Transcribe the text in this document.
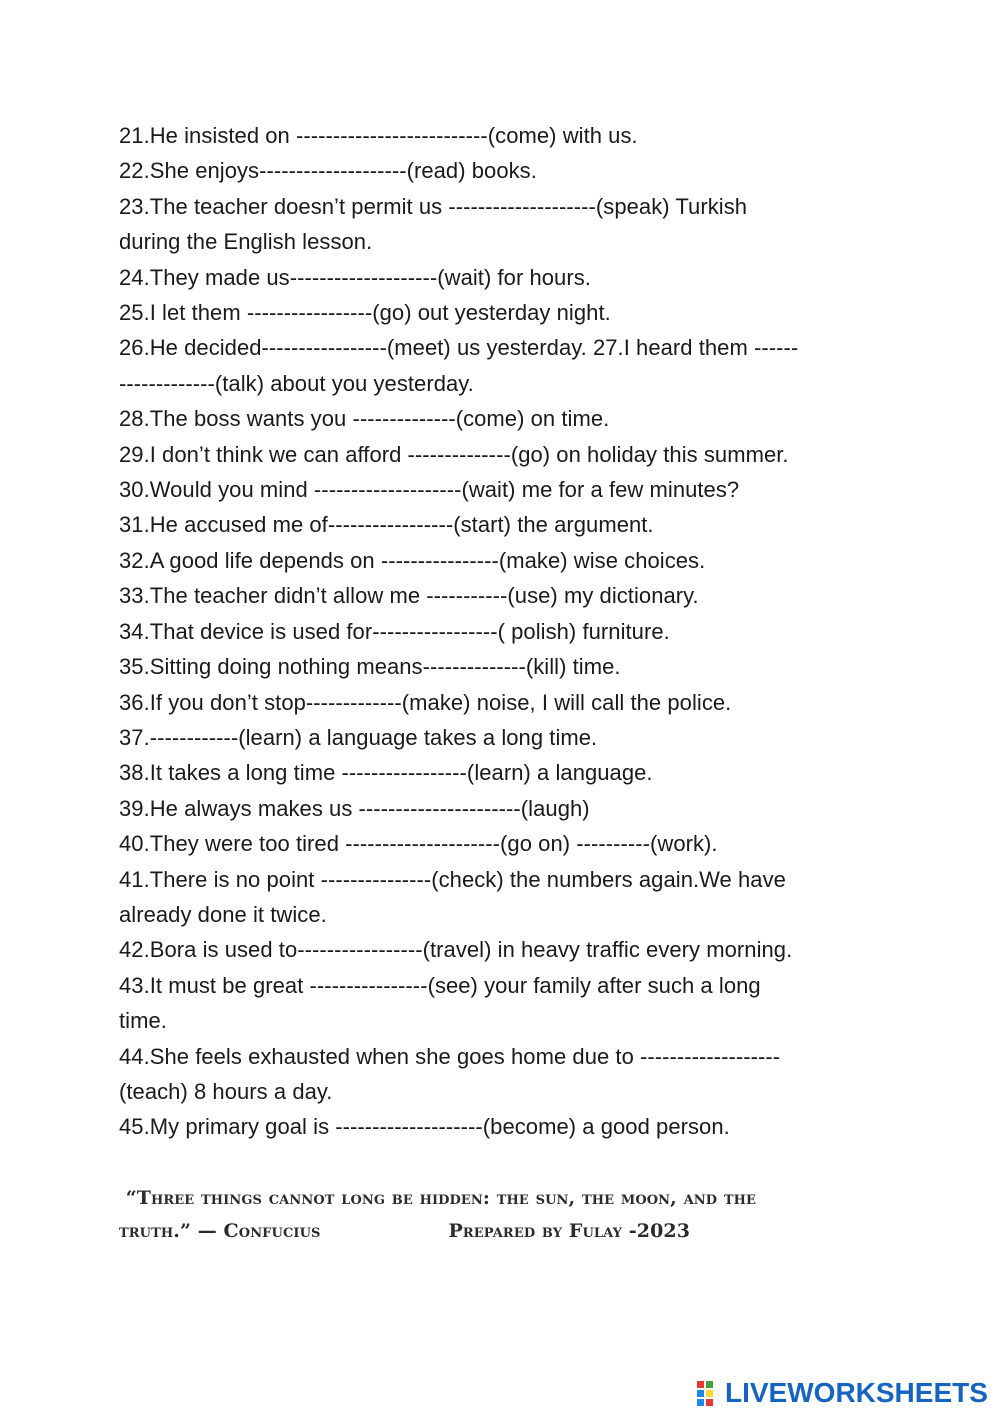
21.He insisted on --------------------------(come) with us.
22.She enjoys--------------------(read) books.
23.The teacher doesn’t permit us --------------------(speak) Turkish
during the English lesson.
24.They made us--------------------(wait) for hours.
25.I let them -----------------(go) out yesterday night.
26.He decided-----------------(meet) us yesterday. 27.I heard them ------
-------------(talk) about you yesterday.
28.The boss wants you --------------(come) on time.
29.I don’t think we can afford --------------(go) on holiday this summer.
30.Would you mind --------------------(wait) me for a few minutes?
31.He accused me of-----------------(start) the argument.
32.A good life depends on ----------------(make) wise choices.
33.The teacher didn’t allow me -----------(use) my dictionary.
34.That device is used for-----------------( polish) furniture.
35.Sitting doing nothing means--------------(kill) time.
36.If you don’t stop-------------(make) noise, I will call the police.
37.------------(learn) a language takes a long time.
38.It takes a long time -----------------(learn) a language.
39.He always makes us ----------------------(laugh)
40.They were too tired ---------------------(go on) ----------(work).
41.There is no point ---------------(check) the numbers again.We have
already done it twice.
42.Bora is used to-----------------(travel) in heavy traffic every morning.
43.It must be great ----------------(see) your family after such a long
time.
44.She feels exhausted when she goes home due to -------------------
(teach) 8 hours a day.
45.My primary goal is --------------------(become) a good person.
“Three things cannot long be hidden: the sun, the moon, and the
truth.” — Confucius	Prepared by Fulay -2023
LIVEWORKSHEETS
